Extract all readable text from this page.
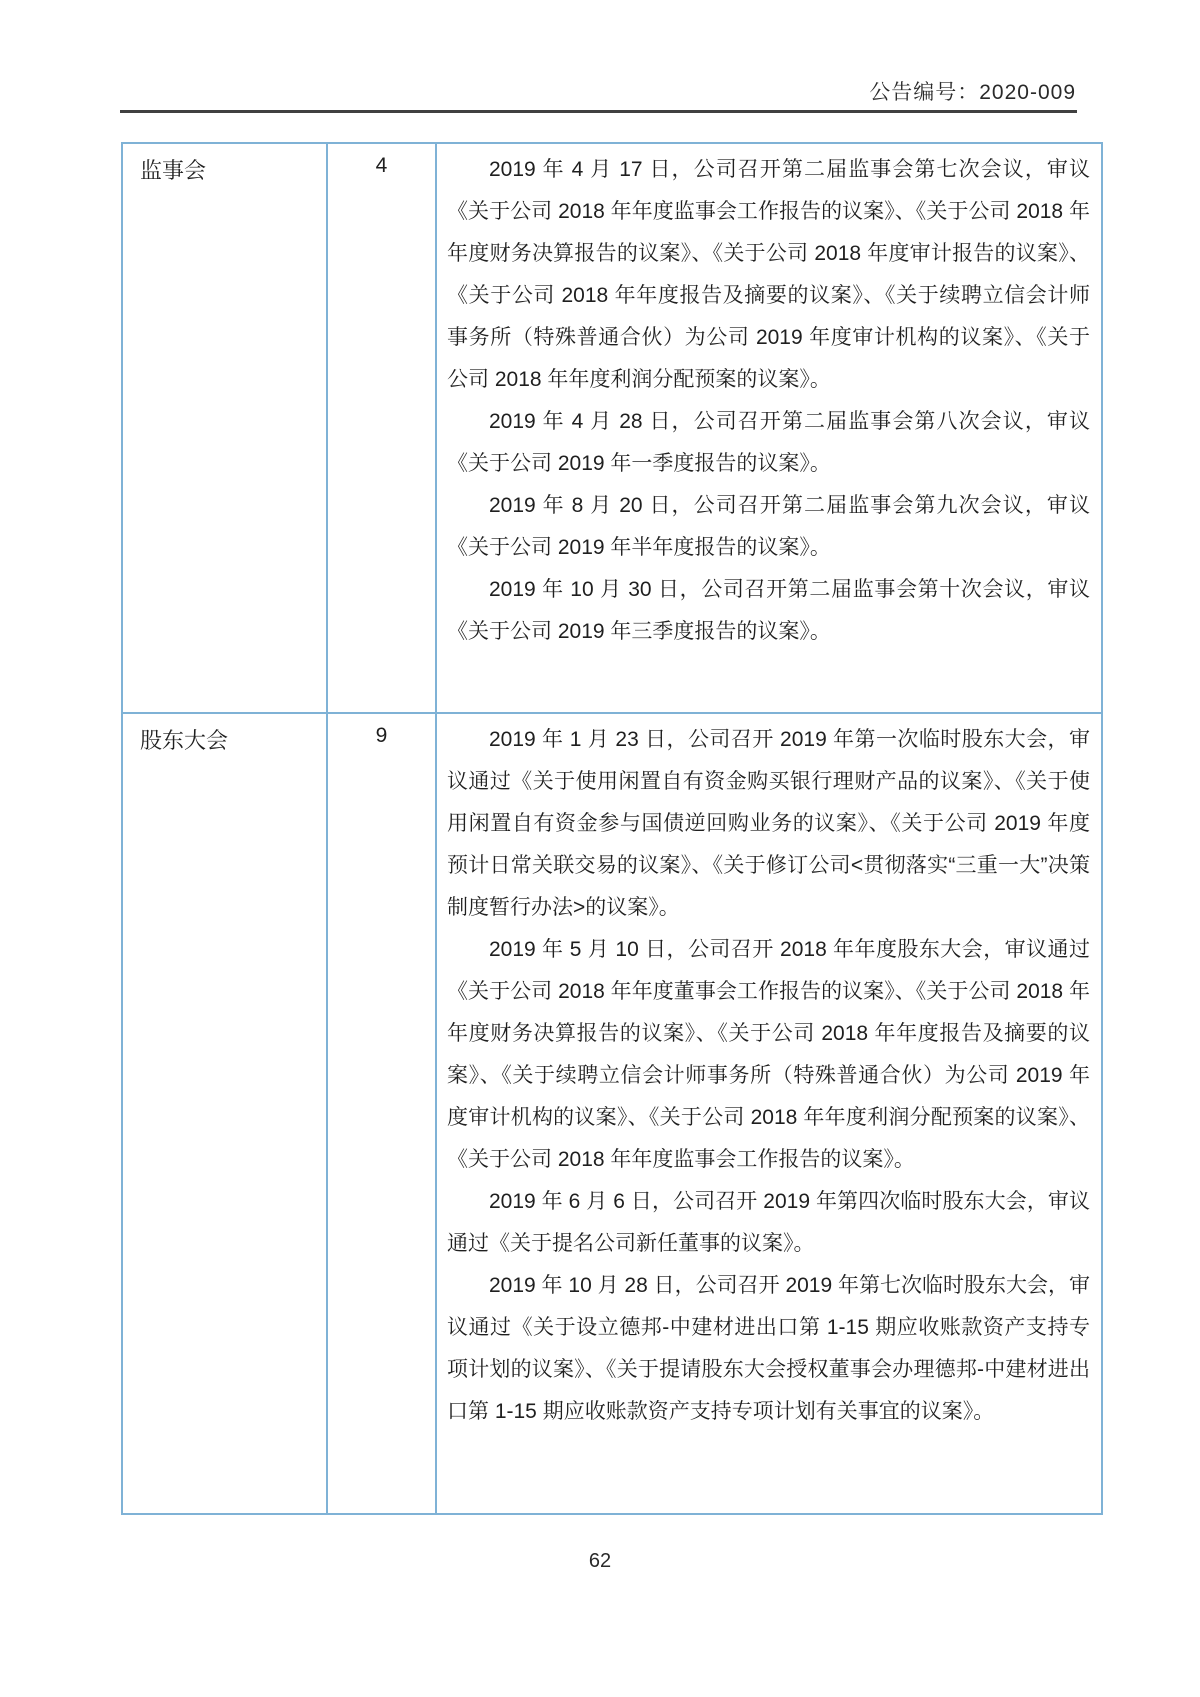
公告编号：2020-009
监事会	4	2019 年 4 月 17 日，公司召开第二届监事会第七次会议，审议《关于公司 2018 年年度监事会工作报告的议案》、《关于公司 2018 年年度财务决算报告的议案》、《关于公司 2018 年度审计报告的议案》、《关于公司 2018 年年度报告及摘要的议案》、《关于续聘立信会计师事务所（特殊普通合伙）为公司 2019 年度审计机构的议案》、《关于公司 2018 年年度利润分配预案的议案》。

2019 年 4 月 28 日，公司召开第二届监事会第八次会议，审议《关于公司 2019 年一季度报告的议案》。

2019 年 8 月 20 日，公司召开第二届监事会第九次会议，审议《关于公司 2019 年半年度报告的议案》。

2019 年 10 月 30 日，公司召开第二届监事会第十次会议，审议《关于公司 2019 年三季度报告的议案》。

股东大会	9	2019 年 1 月 23 日，公司召开 2019 年第一次临时股东大会，审议通过《关于使用闲置自有资金购买银行理财产品的议案》、《关于使用闲置自有资金参与国债逆回购业务的议案》、《关于公司 2019 年度预计日常关联交易的议案》、《关于修订公司<贯彻落实“三重一大”决策制度暂行办法>的议案》。

2019 年 5 月 10 日，公司召开 2018 年年度股东大会，审议通过《关于公司 2018 年年度董事会工作报告的议案》、《关于公司 2018 年年度财务决算报告的议案》、《关于公司 2018 年年度报告及摘要的议案》、《关于续聘立信会计师事务所（特殊普通合伙）为公司 2019 年度审计机构的议案》、《关于公司 2018 年年度利润分配预案的议案》、《关于公司 2018 年年度监事会工作报告的议案》。

2019 年 6 月 6 日，公司召开 2019 年第四次临时股东大会，审议通过《关于提名公司新任董事的议案》。

2019 年 10 月 28 日，公司召开 2019 年第七次临时股东大会，审议通过《关于设立德邦-中建材进出口第 1-15 期应收账款资产支持专项计划的议案》、《关于提请股东大会授权董事会办理德邦-中建材进出口第 1-15 期应收账款资产支持专项计划有关事宜的议案》。

62
